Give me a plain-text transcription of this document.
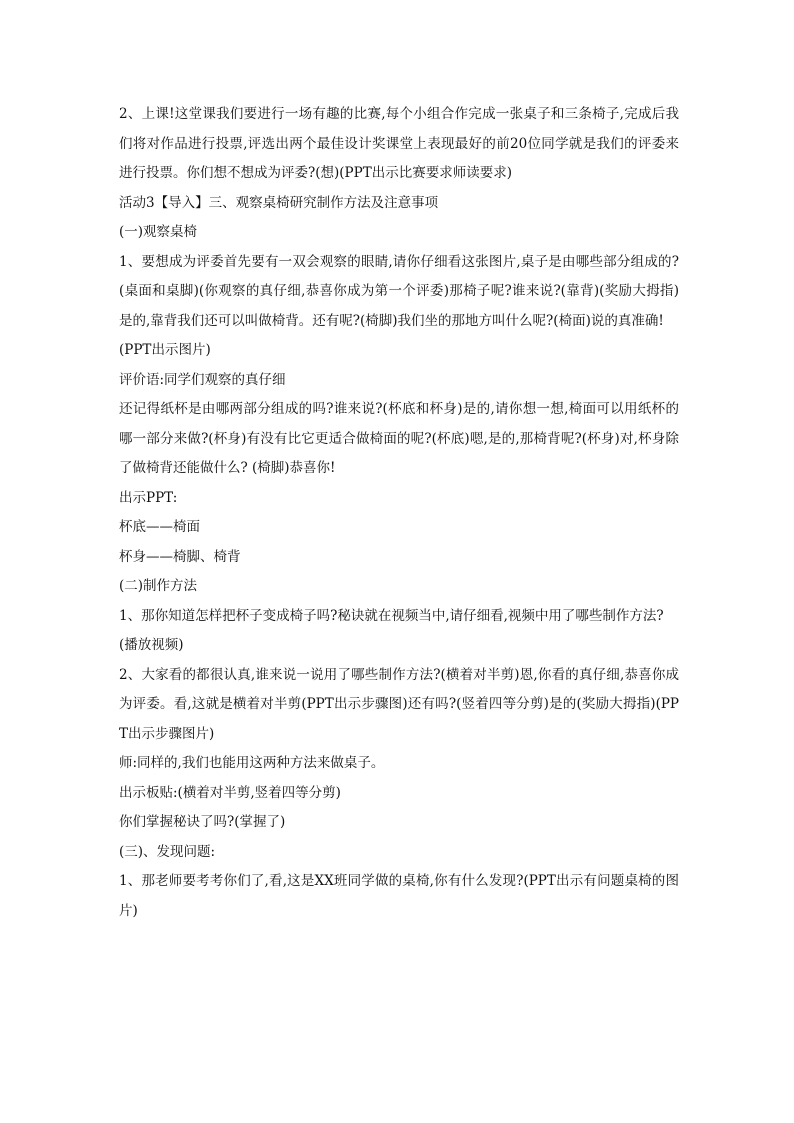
2、上课!这堂课我们要进行一场有趣的比赛,每个小组合作完成一张桌子和三条椅子,完成后我们将对作品进行投票,评选出两个最佳设计奖课堂上表现最好的前20位同学就是我们的评委来进行投票。你们想不想成为评委?(想)(PPT出示比赛要求师读要求)

活动3【导入】三、观察桌椅研究制作方法及注意事项

(一)观察桌椅

1、要想成为评委首先要有一双会观察的眼睛,请你仔细看这张图片,桌子是由哪些部分组成的?(桌面和桌脚)(你观察的真仔细,恭喜你成为第一个评委)那椅子呢?谁来说?(靠背)(奖励大拇指)是的,靠背我们还可以叫做椅背。还有呢?(椅脚)我们坐的那地方叫什么呢?(椅面)说的真准确!

(PPT出示图片)

评价语:同学们观察的真仔细

还记得纸杯是由哪两部分组成的吗?谁来说?(杯底和杯身)是的,请你想一想,椅面可以用纸杯的哪一部分来做?(杯身)有没有比它更适合做椅面的呢?(杯底)嗯,是的,那椅背呢?(杯身)对,杯身除了做椅背还能做什么? (椅脚)恭喜你!

出示PPT:

杯底——椅面

杯身——椅脚、椅背

(二)制作方法

1、那你知道怎样把杯子变成椅子吗?秘诀就在视频当中,请仔细看,视频中用了哪些制作方法?

(播放视频)

2、大家看的都很认真,谁来说一说用了哪些制作方法?(横着对半剪)恩,你看的真仔细,恭喜你成为评委。看,这就是横着对半剪(PPT出示步骤图)还有吗?(竖着四等分剪)是的(奖励大拇指)(PPT出示步骤图片)

师:同样的,我们也能用这两种方法来做桌子。

出示板贴:(横着对半剪,竖着四等分剪)

你们掌握秘诀了吗?(掌握了)

(三)、发现问题:

1、那老师要考考你们了,看,这是XX班同学做的桌椅,你有什么发现?(PPT出示有问题桌椅的图片)
